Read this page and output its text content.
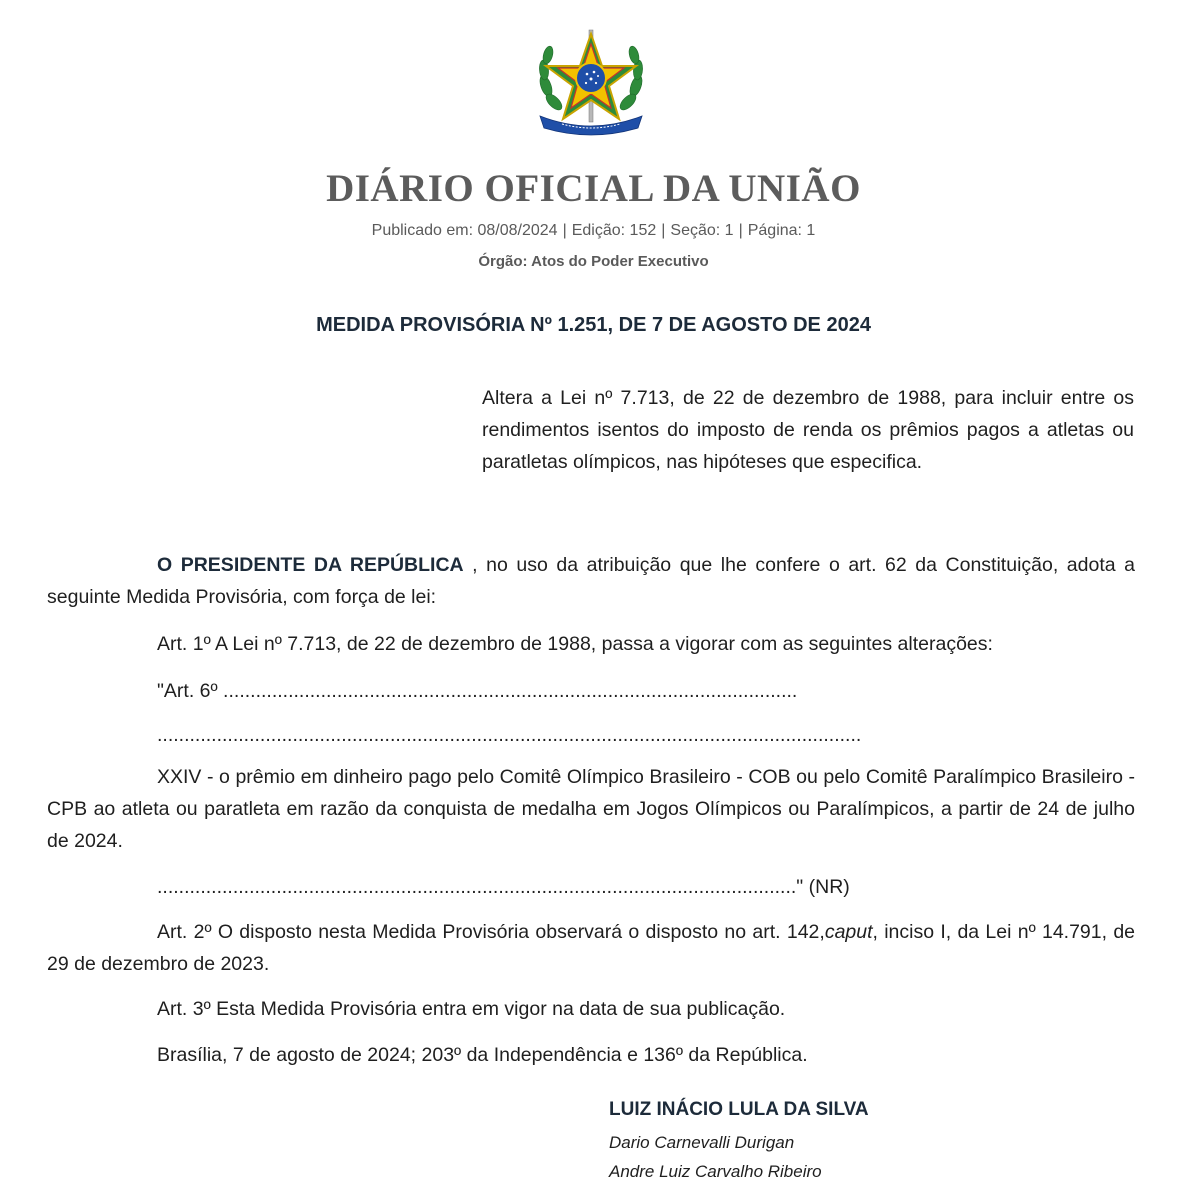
DIÁRIO OFICIAL DA UNIÃO
Publicado em: 08/08/2024 | Edição: 152 | Seção: 1 | Página: 1
Órgão: Atos do Poder Executivo
MEDIDA PROVISÓRIA Nº 1.251, DE 7 DE AGOSTO DE 2024

Altera a Lei nº 7.713, de 22 de dezembro de 1988, para incluir entre os rendimentos isentos do imposto de renda os prêmios pagos a atletas ou paratletas olímpicos, nas hipóteses que especifica.

O PRESIDENTE DA REPÚBLICA , no uso da atribuição que lhe confere o art. 62 da Constituição, adota a seguinte Medida Provisória, com força de lei:

Art. 1º A Lei nº 7.713, de 22 de dezembro de 1988, passa a vigorar com as seguintes alterações:

"Art. 6º ..........................................................................................................

..................................................................................................................................

XXIV - o prêmio em dinheiro pago pelo Comitê Olímpico Brasileiro - COB ou pelo Comitê Paralímpico Brasileiro - CPB ao atleta ou paratleta em razão da conquista de medalha em Jogos Olímpicos ou Paralímpicos, a partir de 24 de julho de 2024.

......................................................................................................................" (NR)

Art. 2º O disposto nesta Medida Provisória observará o disposto no art. 142,caput, inciso I, da Lei nº 14.791, de 29 de dezembro de 2023.

Art. 3º Esta Medida Provisória entra em vigor na data de sua publicação.

Brasília, 7 de agosto de 2024; 203º da Independência e 136º da República.

LUIZ INÁCIO LULA DA SILVA

Dario Carnevalli Durigan

Andre Luiz Carvalho Ribeiro
